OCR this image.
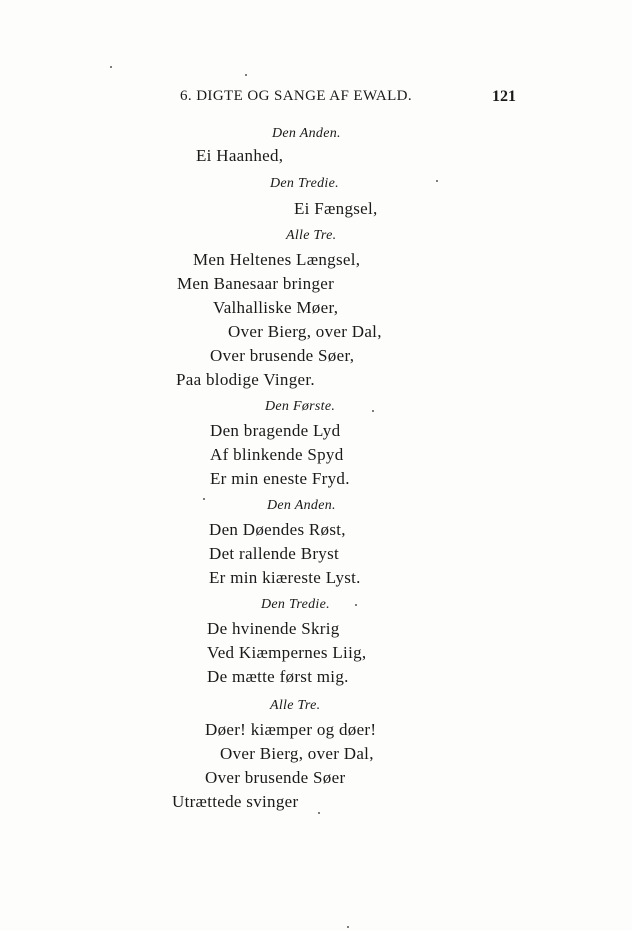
6. DIGTE OG SANGE AF EWALD.	121
Den Anden.
Ei Haanhed,
Den Tredie.
Ei Fængsel,
Alle Tre.
Men Heltenes Længsel,
Men Banesaar bringer
Valhalliske Møer,
Over Bierg, over Dal,
Over brusende Søer,
Paa blodige Vinger.
Den Første.
Den bragende Lyd
Af blinkende Spyd
Er min eneste Fryd.
Den Anden.
Den Døendes Røst,
Det rallende Bryst
Er min kiæreste Lyst.
Den Tredie.
De hvinende Skrig
Ved Kiæmpernes Liig,
De mætte først mig.
Alle Tre.
Døer! kiæmper og døer!
Over Bierg, over Dal,
Over brusende Søer
Utrættede svinger
